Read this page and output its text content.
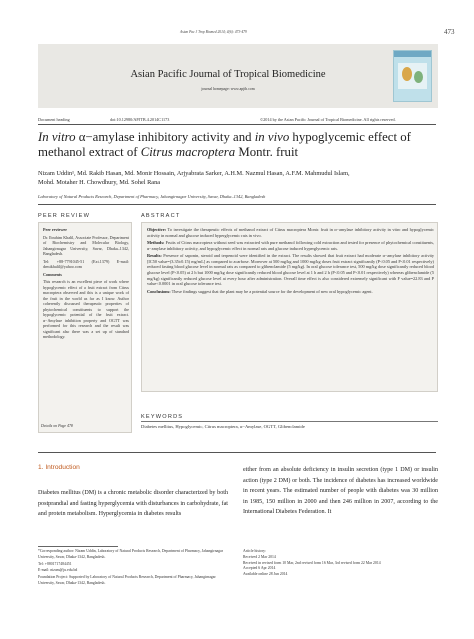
Asian Pac J Trop Biomed 2014; 4(6): 473-479	473
Asian Pacific Journal of Tropical Biomedicine
journal homepage: www.apjtb.com
Document heading	doi:10.12980/APJTB.4.2014C1173	©2014 by the Asian Pacific Journal of Tropical Biomedicine. All rights reserved.
In vitro α−amylase inhibitory activity and in vivo hypoglycemic effect of methanol extract of Citrus macroptera Montr. fruit
Nizam Uddin¹, Md. Rakib Hasan, Md. Monir Hossain, Arjyabrata Sarker, A.H.M. Nazmul Hasan, A.F.M. Mahmudul Islam,
Mohd. Motaher H. Chowdhury, Md. Sohel Rana
Laboratory of Natural Products Research, Department of Pharmacy, Jahangirnagar University, Savar, Dhaka–1342, Bangladesh
PEER REVIEW	ABSTRACT

Peer reviewer

Dr. Ibrahim Khalil, Associate Professor, Department of Biochemistry and Molecular Biology, Jahangirnagar University, Savar, Dhaka–1342, Bangladesh.

Tel: +88-7791045-51 (Ext.1379) E-mail: drmikhalil@yahoo.com

Comments

This research is an excellent piece of work where hypoglycemic effect of a fruit extract from Citrus macroptera observed and this is a unique work of the fruit in the world as far as I know. Author coherently discussed therapeutic properties of phytochemical constituents to support the hypoglycemic potential of the fruit extract. α−Amylase inhibition property and OGTT was performed for this research and the result was significant also there was a set up of standard methodology.

Details on Page 478

Objective: To investigate the therapeutic effects of methanol extract of Citrus macroptera Montr. fruit in α−amylase inhibitory activity in vitro and hypoglycemic activity in normal and glucose induced hyperglycemic rats in vivo.

Methods: Fruits of Citrus macroptera without seed was extracted with pure methanol following cold extraction and tested for presence of phytochemical constituents, α−amylase inhibitory activity, and hypoglycemic effect in normal rats and glucose induced hyperglycemic rats.

Results: Presence of saponin, steroid and terpenoid were identified in the extract. The results showed that fruit extract had moderate α−amylase inhibitory activity [IC50 value=(3.35±0.15) mg/mL] as compared to acarbose. Moreover at 500 mg/kg and 1000 mg/kg doses fruit extract significantly (P<0.05 and P<0.01 respectively) reduced fasting blood glucose level in normal rats as compared to glibenclamide (5 mg/kg). In oral glucose tolerance test, 500 mg/kg dose significantly reduced blood glucose level (P<0.05) at 2 h but 1000 mg/kg dose significantly reduced blood glucose level at 1 h and 2 h (P<0.05 and P<0.01 respectively) whereas glibenclamide (5 mg/kg) significantly reduced glucose level at every hour after administration. Overall time effect is also considered extremely significant with F value=22.83 and P value<0.0001 in oral glucose tolerance test.

Conclusions: These findings suggest that the plant may be a potential source for the development of new oral hypoglycemic agent.

KEYWORDS
Diabetes mellitus, Hypoglycemic, Citrus macroptera, α−Amylase, OGTT, Glibenclamide
1. Introduction
Diabetes mellitus (DM) is a chronic metabolic disorder characterized by both postprandial and fasting hyperglycemia with disturbances in carbohydrate, fat and protein metabolism. Hyperglycemia in diabetes results
either from an absolute deficiency in insulin secretion (type 1 DM) or insulin action (type 2 DM) or both. The incidence of diabetes has increased worldwide in recent years. The estimated number of people with diabetes was 30 million in 1985, 150 million in 2000 and then 246 million in 2007, according to the International Diabetes Federation. It

*Corresponding author: Nizam Uddin, Laboratory of Natural Products Research, Department of Pharmacy, Jahangirnagar University, Savar, Dhaka-1342, Bangladesh.

Tel: +8801717484451

E-mail: nizam@ju.edu.bd

Foundation Project: Supported by Laboratory of Natural Products Research, Department of Pharmacy, Jahangirnagar University, Savar, Dhaka-1342, Bangladesh.

Article history:
Received 2 Mar 2014
Received in revised form 10 Mar, 2nd revised form 16 Mar, 3rd revised form 22 Mar 2014
Accepted 6 Apr 2014
Available online 28 Jun 2014
